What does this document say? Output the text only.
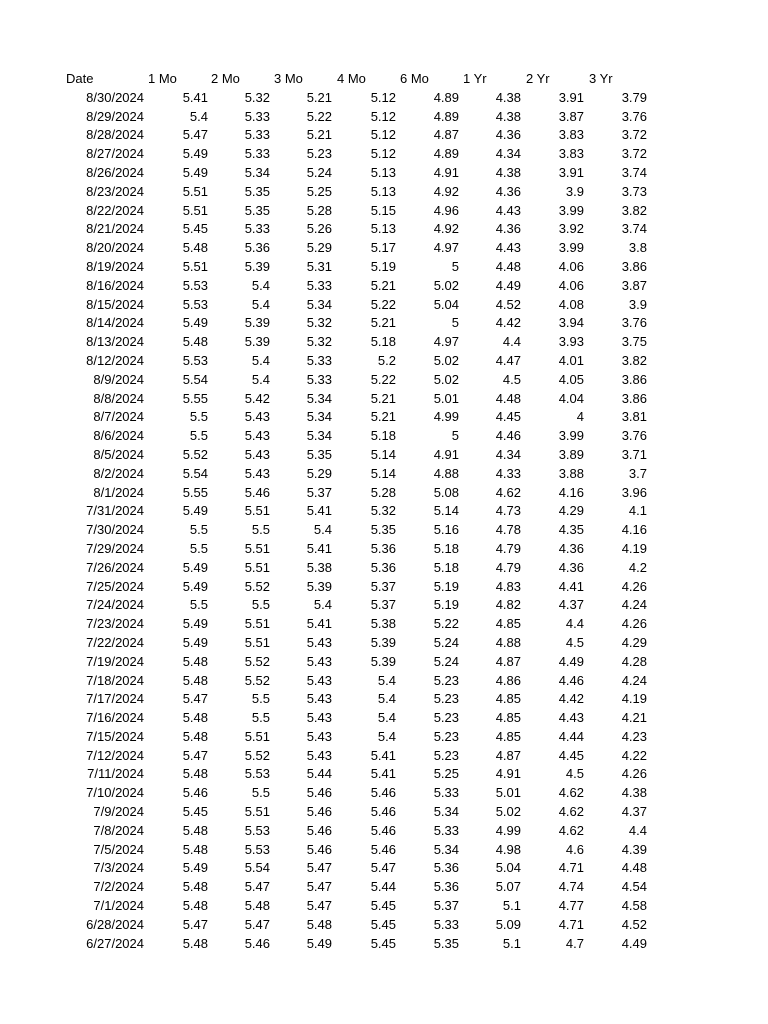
Date	1 Mo	2 Mo	3 Mo	4 Mo	6 Mo	1 Yr	2 Yr	3 Yr
8/30/2024	5.41	5.32	5.21	5.12	4.89	4.38	3.91	3.79
8/29/2024	5.4	5.33	5.22	5.12	4.89	4.38	3.87	3.76
8/28/2024	5.47	5.33	5.21	5.12	4.87	4.36	3.83	3.72
8/27/2024	5.49	5.33	5.23	5.12	4.89	4.34	3.83	3.72
8/26/2024	5.49	5.34	5.24	5.13	4.91	4.38	3.91	3.74
8/23/2024	5.51	5.35	5.25	5.13	4.92	4.36	3.9	3.73
8/22/2024	5.51	5.35	5.28	5.15	4.96	4.43	3.99	3.82
8/21/2024	5.45	5.33	5.26	5.13	4.92	4.36	3.92	3.74
8/20/2024	5.48	5.36	5.29	5.17	4.97	4.43	3.99	3.8
8/19/2024	5.51	5.39	5.31	5.19	5	4.48	4.06	3.86
8/16/2024	5.53	5.4	5.33	5.21	5.02	4.49	4.06	3.87
8/15/2024	5.53	5.4	5.34	5.22	5.04	4.52	4.08	3.9
8/14/2024	5.49	5.39	5.32	5.21	5	4.42	3.94	3.76
8/13/2024	5.48	5.39	5.32	5.18	4.97	4.4	3.93	3.75
8/12/2024	5.53	5.4	5.33	5.2	5.02	4.47	4.01	3.82
8/9/2024	5.54	5.4	5.33	5.22	5.02	4.5	4.05	3.86
8/8/2024	5.55	5.42	5.34	5.21	5.01	4.48	4.04	3.86
8/7/2024	5.5	5.43	5.34	5.21	4.99	4.45	4	3.81
8/6/2024	5.5	5.43	5.34	5.18	5	4.46	3.99	3.76
8/5/2024	5.52	5.43	5.35	5.14	4.91	4.34	3.89	3.71
8/2/2024	5.54	5.43	5.29	5.14	4.88	4.33	3.88	3.7
8/1/2024	5.55	5.46	5.37	5.28	5.08	4.62	4.16	3.96
7/31/2024	5.49	5.51	5.41	5.32	5.14	4.73	4.29	4.1
7/30/2024	5.5	5.5	5.4	5.35	5.16	4.78	4.35	4.16
7/29/2024	5.5	5.51	5.41	5.36	5.18	4.79	4.36	4.19
7/26/2024	5.49	5.51	5.38	5.36	5.18	4.79	4.36	4.2
7/25/2024	5.49	5.52	5.39	5.37	5.19	4.83	4.41	4.26
7/24/2024	5.5	5.5	5.4	5.37	5.19	4.82	4.37	4.24
7/23/2024	5.49	5.51	5.41	5.38	5.22	4.85	4.4	4.26
7/22/2024	5.49	5.51	5.43	5.39	5.24	4.88	4.5	4.29
7/19/2024	5.48	5.52	5.43	5.39	5.24	4.87	4.49	4.28
7/18/2024	5.48	5.52	5.43	5.4	5.23	4.86	4.46	4.24
7/17/2024	5.47	5.5	5.43	5.4	5.23	4.85	4.42	4.19
7/16/2024	5.48	5.5	5.43	5.4	5.23	4.85	4.43	4.21
7/15/2024	5.48	5.51	5.43	5.4	5.23	4.85	4.44	4.23
7/12/2024	5.47	5.52	5.43	5.41	5.23	4.87	4.45	4.22
7/11/2024	5.48	5.53	5.44	5.41	5.25	4.91	4.5	4.26
7/10/2024	5.46	5.5	5.46	5.46	5.33	5.01	4.62	4.38
7/9/2024	5.45	5.51	5.46	5.46	5.34	5.02	4.62	4.37
7/8/2024	5.48	5.53	5.46	5.46	5.33	4.99	4.62	4.4
7/5/2024	5.48	5.53	5.46	5.46	5.34	4.98	4.6	4.39
7/3/2024	5.49	5.54	5.47	5.47	5.36	5.04	4.71	4.48
7/2/2024	5.48	5.47	5.47	5.44	5.36	5.07	4.74	4.54
7/1/2024	5.48	5.48	5.47	5.45	5.37	5.1	4.77	4.58
6/28/2024	5.47	5.47	5.48	5.45	5.33	5.09	4.71	4.52
6/27/2024	5.48	5.46	5.49	5.45	5.35	5.1	4.7	4.49
